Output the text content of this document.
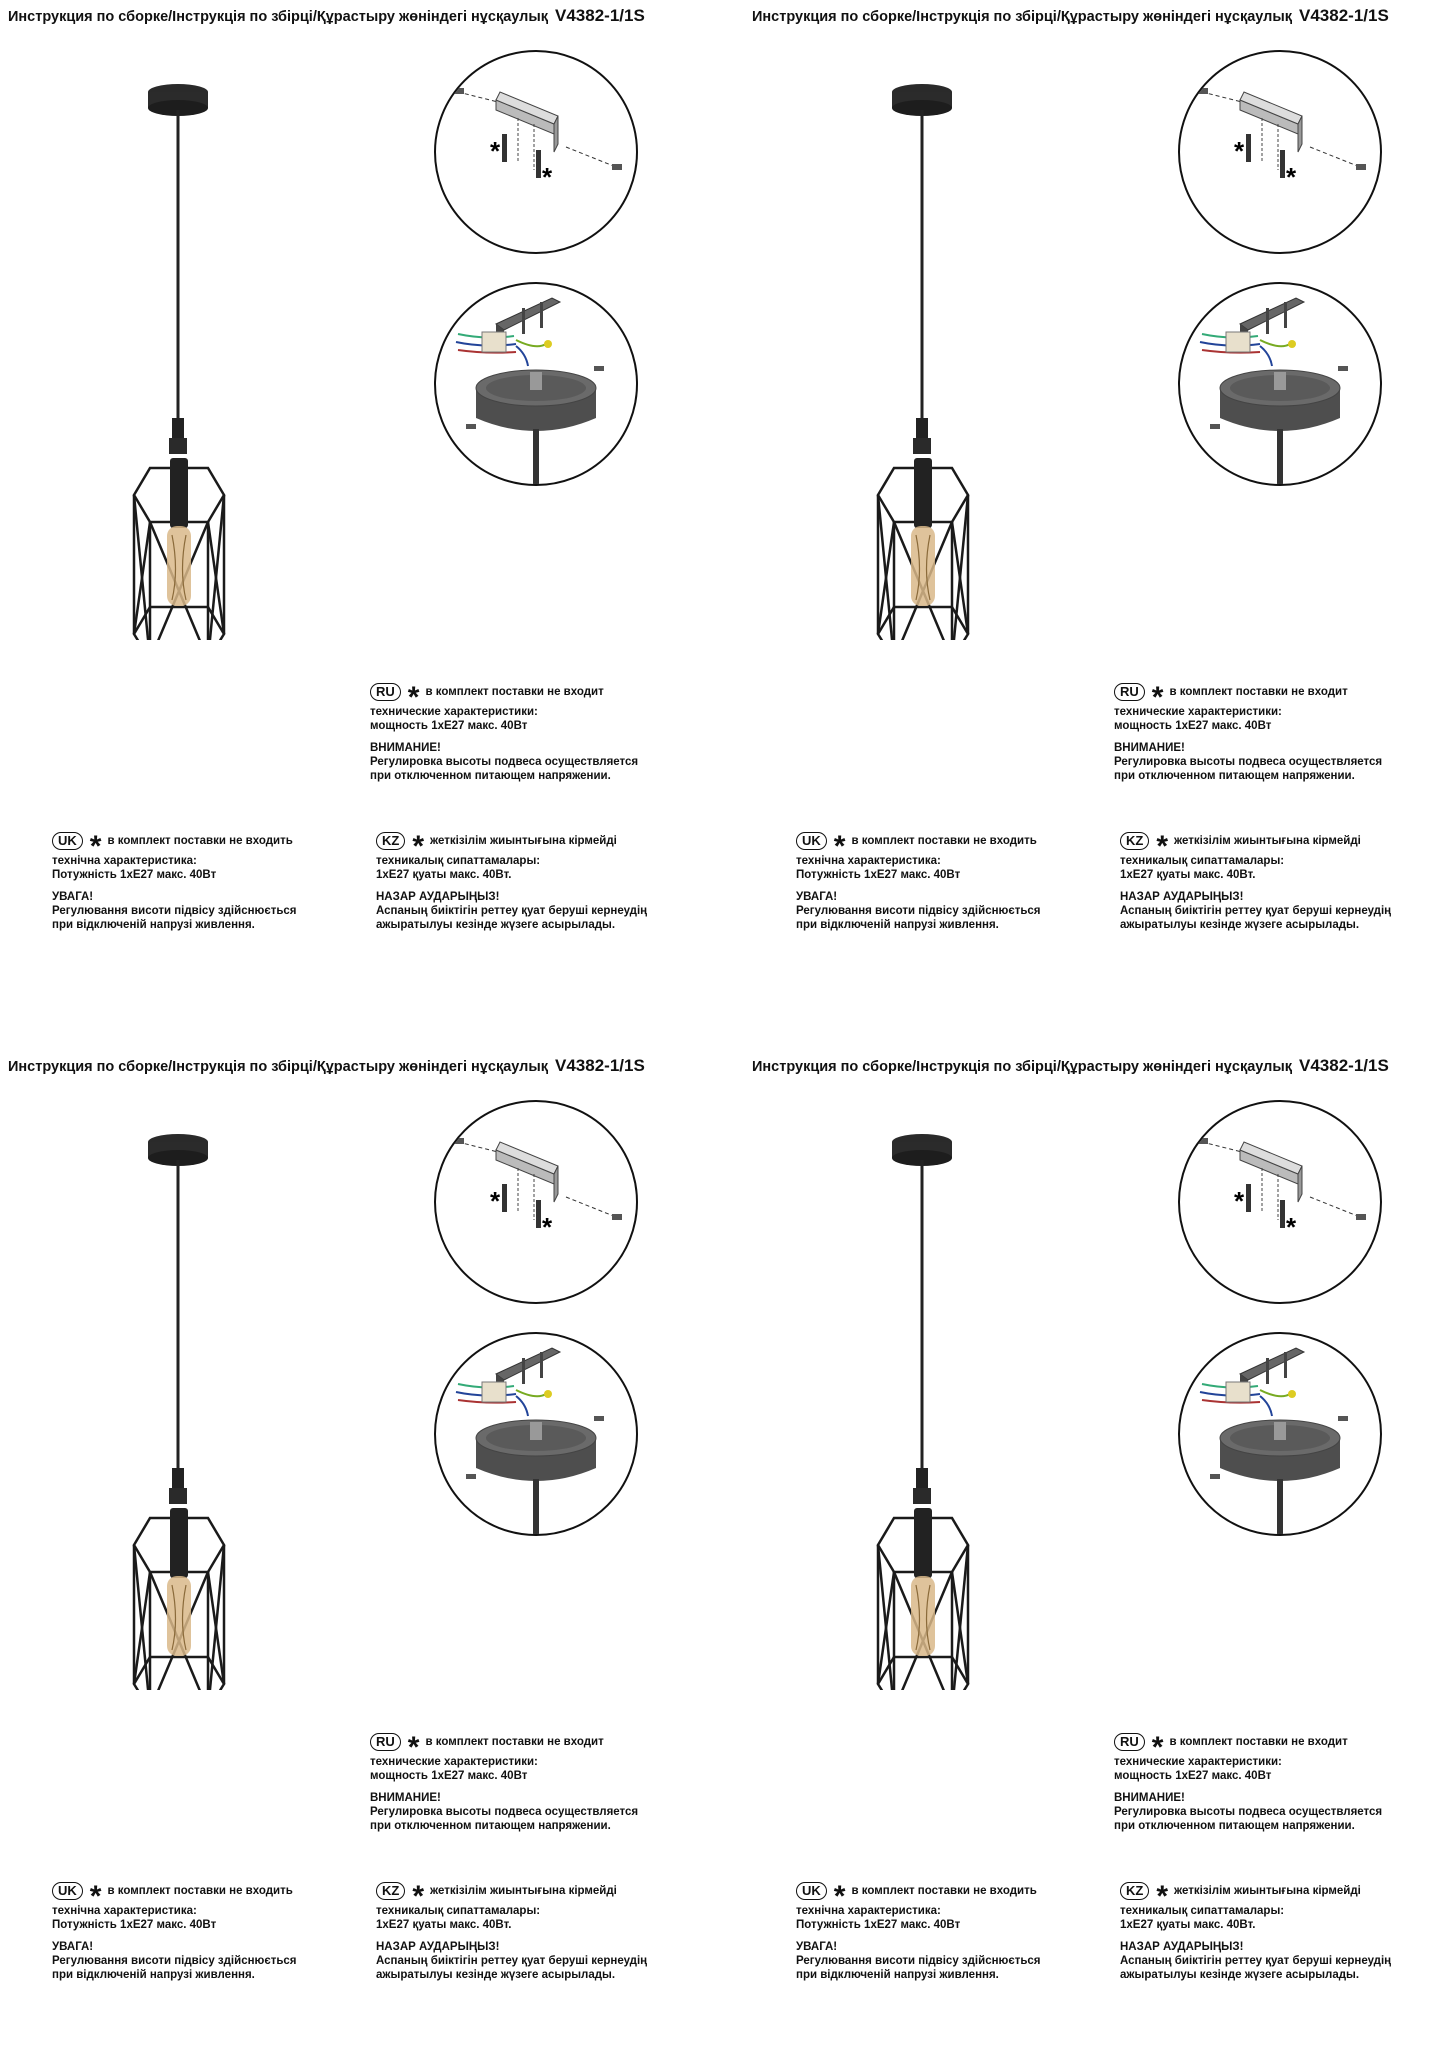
Инструкция по сборке/Інструкція по збірці/Құрастыру жөніндегі нұсқаулық V4382-1/1S
*
*
RU * в комплект поставки не входит
технические характеристики:
мощность 1хЕ27 макс. 40Вт
ВНИМАНИЕ!
Регулировка высоты подвеса осуществляется
при отключенном питающем напряжении.
UK * в комплект поставки не входить
технічна характеристика:
Потужність 1хЕ27 макс. 40Вт
УВАГА!
Регулювання висоти підвісу здійснюється
при відключеній напрузі живлення.
KZ * жеткізілім жиынтығына кірмейді
техникалық сипаттамалары:
1хЕ27 қуаты макс. 40Вт.
НАЗАР АУДАРЫҢЫЗ!
Аспаның биіктігін реттеу қуат беруші кернеудің
ажыратылуы кезінде жүзеге асырылады.
Инструкция по сборке/Інструкція по збірці/Құрастыру жөніндегі нұсқаулық V4382-1/1S
*
*
RU * в комплект поставки не входит
технические характеристики:
мощность 1хЕ27 макс. 40Вт
ВНИМАНИЕ!
Регулировка высоты подвеса осуществляется
при отключенном питающем напряжении.
UK * в комплект поставки не входить
технічна характеристика:
Потужність 1хЕ27 макс. 40Вт
УВАГА!
Регулювання висоти підвісу здійснюється
при відключеній напрузі живлення.
KZ * жеткізілім жиынтығына кірмейді
техникалық сипаттамалары:
1хЕ27 қуаты макс. 40Вт.
НАЗАР АУДАРЫҢЫЗ!
Аспаның биіктігін реттеу қуат беруші кернеудің
ажыратылуы кезінде жүзеге асырылады.
Инструкция по сборке/Інструкція по збірці/Құрастыру жөніндегі нұсқаулық V4382-1/1S
*
*
RU * в комплект поставки не входит
технические характеристики:
мощность 1хЕ27 макс. 40Вт
ВНИМАНИЕ!
Регулировка высоты подвеса осуществляется
при отключенном питающем напряжении.
UK * в комплект поставки не входить
технічна характеристика:
Потужність 1хЕ27 макс. 40Вт
УВАГА!
Регулювання висоти підвісу здійснюється
при відключеній напрузі живлення.
KZ * жеткізілім жиынтығына кірмейді
техникалық сипаттамалары:
1хЕ27 қуаты макс. 40Вт.
НАЗАР АУДАРЫҢЫЗ!
Аспаның биіктігін реттеу қуат беруші кернеудің
ажыратылуы кезінде жүзеге асырылады.
Инструкция по сборке/Інструкція по збірці/Құрастыру жөніндегі нұсқаулық V4382-1/1S
*
*
RU * в комплект поставки не входит
технические характеристики:
мощность 1хЕ27 макс. 40Вт
ВНИМАНИЕ!
Регулировка высоты подвеса осуществляется
при отключенном питающем напряжении.
UK * в комплект поставки не входить
технічна характеристика:
Потужність 1хЕ27 макс. 40Вт
УВАГА!
Регулювання висоти підвісу здійснюється
при відключеній напрузі живлення.
KZ * жеткізілім жиынтығына кірмейді
техникалық сипаттамалары:
1хЕ27 қуаты макс. 40Вт.
НАЗАР АУДАРЫҢЫЗ!
Аспаның биіктігін реттеу қуат беруші кернеудің
ажыратылуы кезінде жүзеге асырылады.
